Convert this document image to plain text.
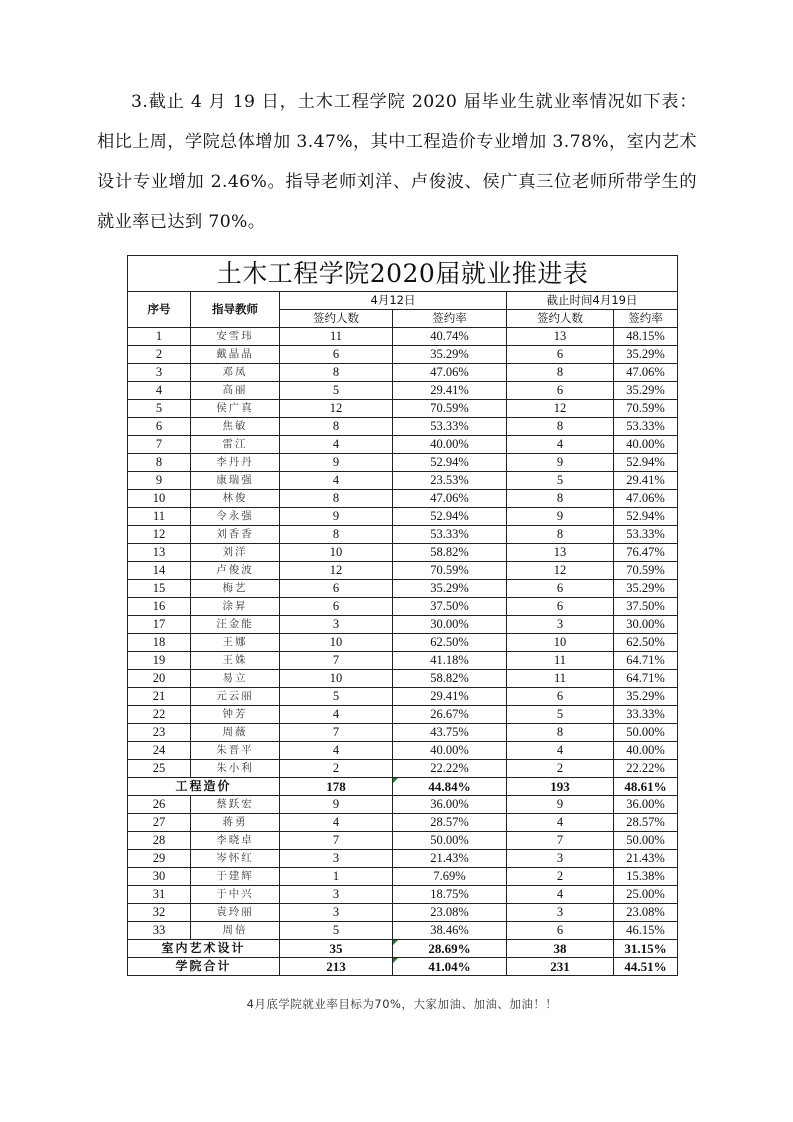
3.截止 4 月 19 日，土木工程学院 2020 届毕业生就业率情况如下表：相比上周，学院总体增加 3.47%，其中工程造价专业增加 3.78%，室内艺术设计专业增加 2.46%。指导老师刘洋、卢俊波、侯广真三位老师所带学生的就业率已达到 70%。
土木工程学院2020届就业推进表					
序号	指导教师	4月12日		截止时间4月19日	
		签约人数	签约率	签约人数	签约率
1	安雪玮	11	40.74%	13	48.15%
2	戴晶晶	6	35.29%	6	35.29%
3	邓凤	8	47.06%	8	47.06%
4	高丽	5	29.41%	6	35.29%
5	侯广真	12	70.59%	12	70.59%
6	焦敏	8	53.33%	8	53.33%
7	雷江	4	40.00%	4	40.00%
8	李丹丹	9	52.94%	9	52.94%
9	康瑞强	4	23.53%	5	29.41%
10	林俊	8	47.06%	8	47.06%
11	令永强	9	52.94%	9	52.94%
12	刘香香	8	53.33%	8	53.33%
13	刘洋	10	58.82%	13	76.47%
14	卢俊波	12	70.59%	12	70.59%
15	梅艺	6	35.29%	6	35.29%
16	涂昇	6	37.50%	6	37.50%
17	汪金能	3	30.00%	3	30.00%
18	王娜	10	62.50%	10	62.50%
19	王姝	7	41.18%	11	64.71%
20	易立	10	58.82%	11	64.71%
21	元云丽	5	29.41%	6	35.29%
22	钟芳	4	26.67%	5	33.33%
23	周薇	7	43.75%	8	50.00%
24	朱晋平	4	40.00%	4	40.00%
25	朱小利	2	22.22%	2	22.22%
工程造价		178	44.84%	193	48.61%
26	蔡跃宏	9	36.00%	9	36.00%
27	蒋勇	4	28.57%	4	28.57%
28	李晓卓	7	50.00%	7	50.00%
29	岑怀红	3	21.43%	3	21.43%
30	于建辉	1	7.69%	2	15.38%
31	于中兴	3	18.75%	4	25.00%
32	袁玲丽	3	23.08%	3	23.08%
33	周倍	5	38.46%	6	46.15%
室内艺术设计		35	28.69%	38	31.15%
学院合计		213	41.04%	231	44.51%
4月底学院就业率目标为70%，大家加油、加油、加油！！
